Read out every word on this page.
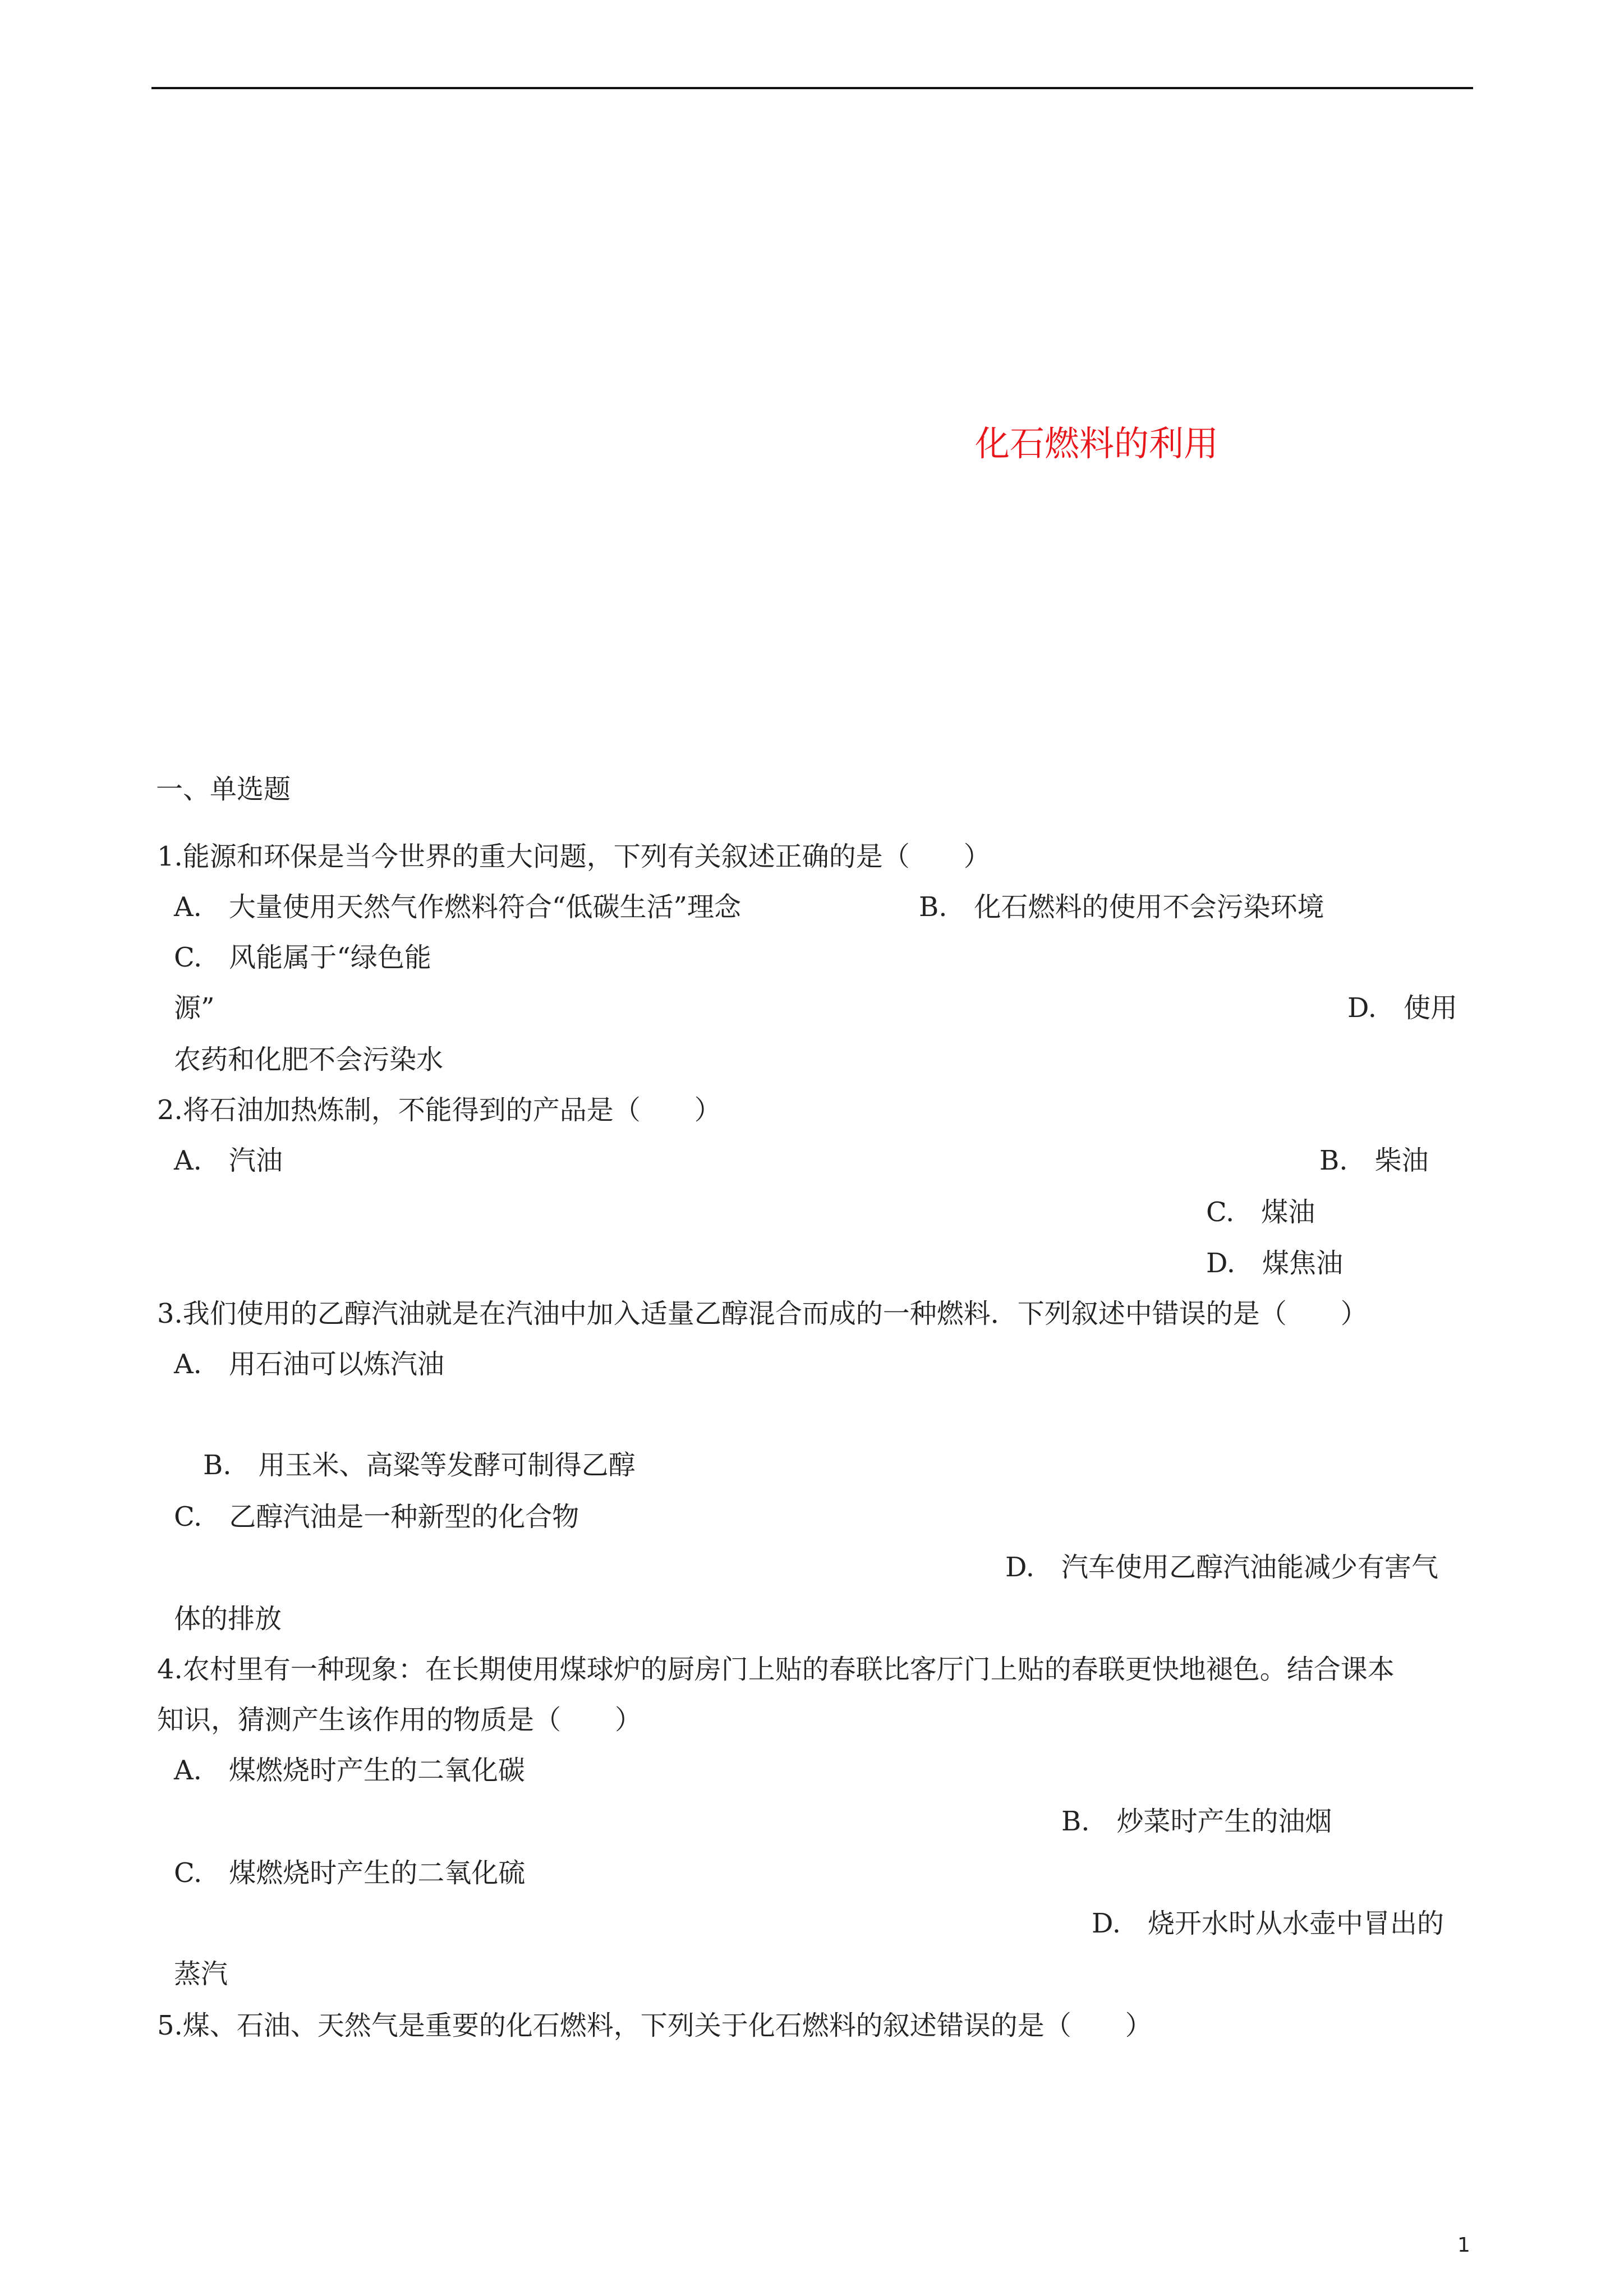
化石燃料的利用
一、单选题
1.能源和环保是当今世界的重大问题，下列有关叙述正确的是（　　）
A.　大量使用天然气作燃料符合“低碳生活”理念	B.　化石燃料的使用不会污染环境
C.　风能属于“绿色能
源”	D.　使用
农药和化肥不会污染水
2.将石油加热炼制，不能得到的产品是（　　）
A.　汽油	B.　柴油
C.　煤油
D.　煤焦油
3.我们使用的乙醇汽油就是在汽油中加入适量乙醇混合而成的一种燃料．下列叙述中错误的是（　　）
A.　用石油可以炼汽油
B.　用玉米、高粱等发酵可制得乙醇
C.　乙醇汽油是一种新型的化合物
D.　汽车使用乙醇汽油能减少有害气
体的排放
4.农村里有一种现象：在长期使用煤球炉的厨房门上贴的春联比客厅门上贴的春联更快地褪色。结合课本
知识，猜测产生该作用的物质是（　　）
A.　煤燃烧时产生的二氧化碳
B.　炒菜时产生的油烟
C.　煤燃烧时产生的二氧化硫
D.　烧开水时从水壶中冒出的
蒸汽
5.煤、石油、天然气是重要的化石燃料，下列关于化石燃料的叙述错误的是（　　）
1
